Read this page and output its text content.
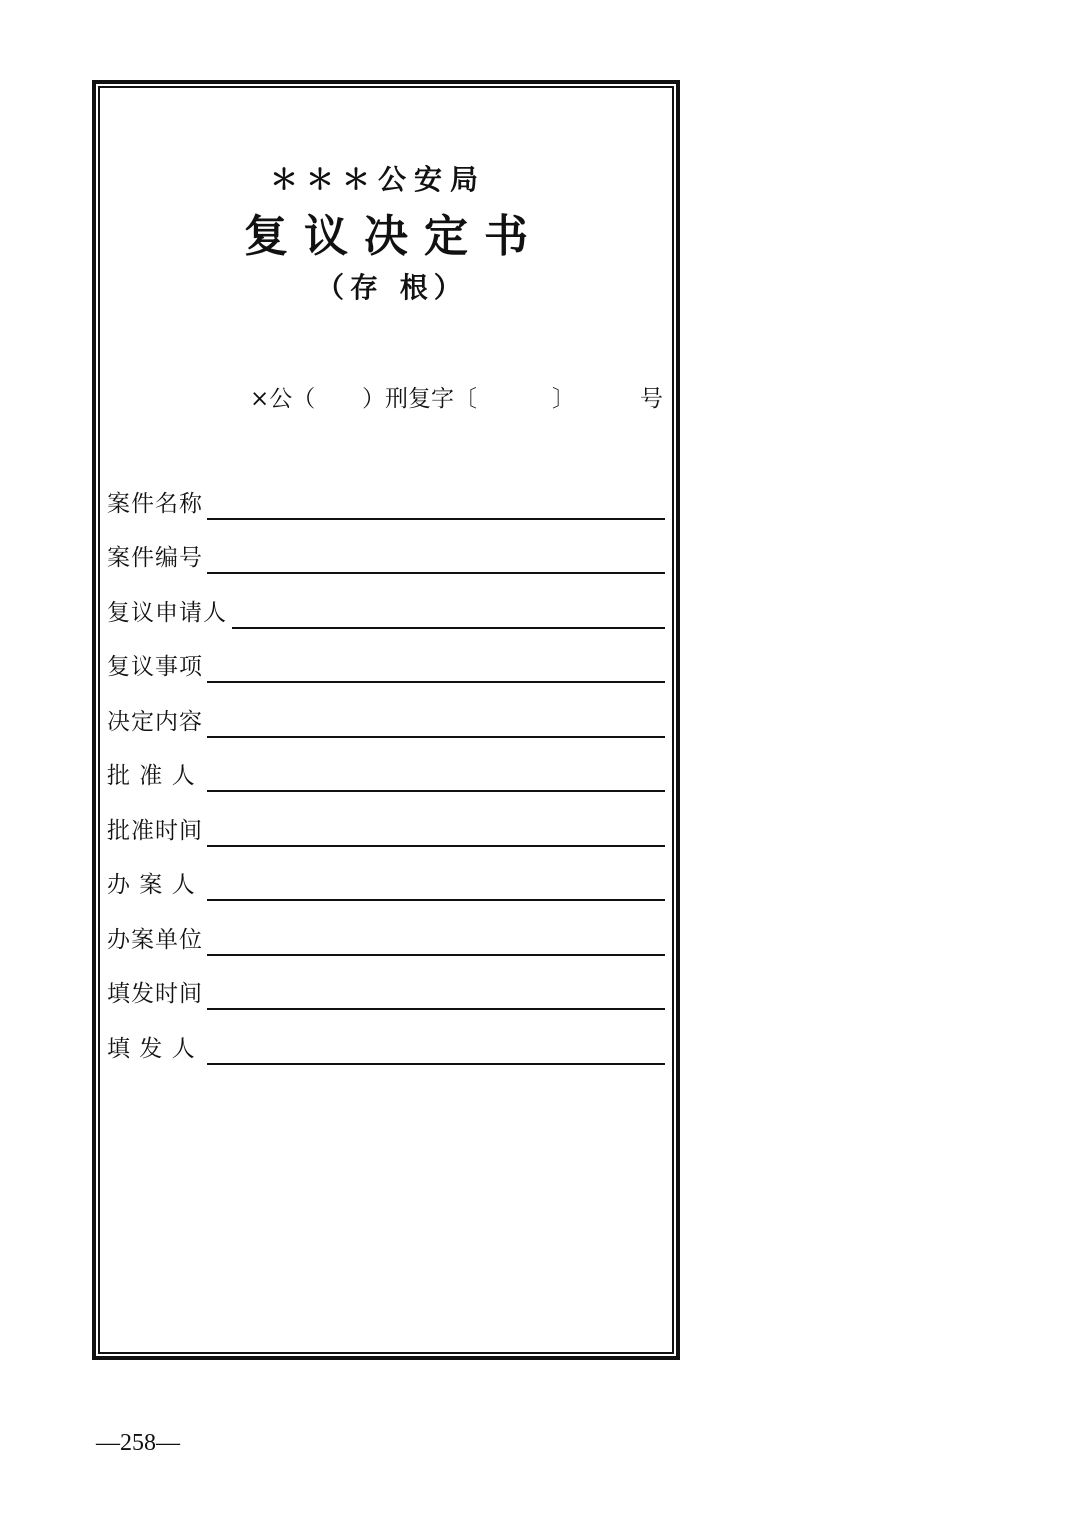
＊＊＊公安局
复议决定书
（存 根）
×公（ ）刑复字〔	〕	号
案件名称
案件编号
复议申请人
复议事项
决定内容
批 准 人
批准时间
办 案 人
办案单位
填发时间
填 发 人
—258—
